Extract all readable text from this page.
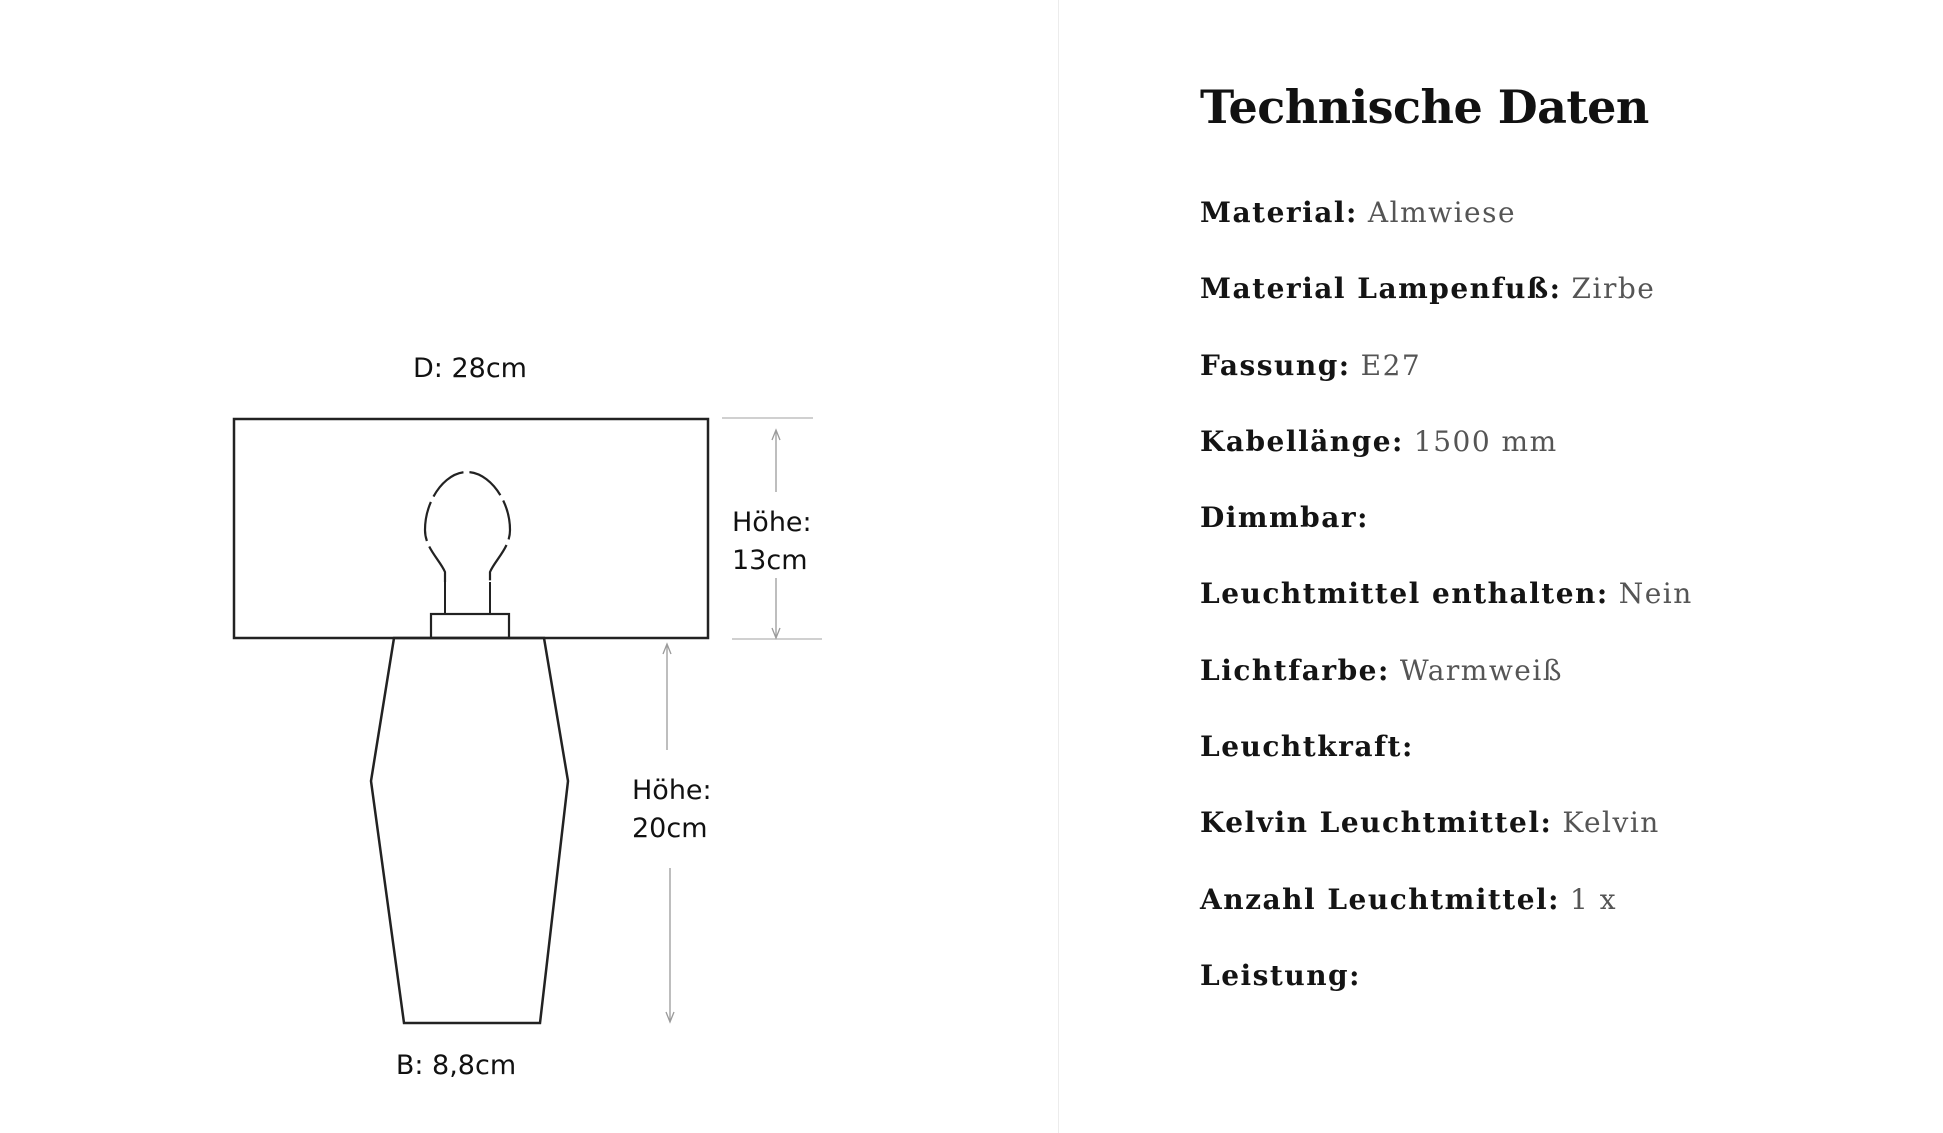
D: 28cm
Höhe:
13cm
Höhe:
20cm
B: 8,8cm
Technische Daten
Material: Almwiese
Material Lampenfuß: Zirbe
Fassung: E27
Kabellänge: 1500 mm
Dimmbar:
Leuchtmittel enthalten: Nein
Lichtfarbe: Warmweiß
Leuchtkraft:
Kelvin Leuchtmittel: Kelvin
Anzahl Leuchtmittel: 1 x
Leistung:
